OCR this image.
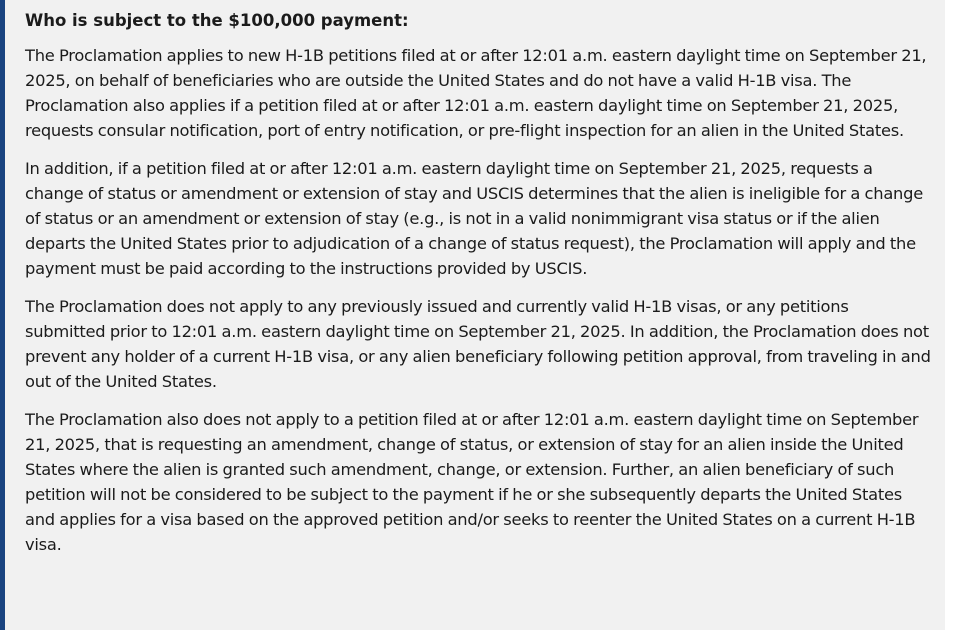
Who is subject to the $100,000 payment:

The Proclamation applies to new H-1B petitions filed at or after 12:01 a.m. eastern daylight time on September 21, 2025, on behalf of beneficiaries who are outside the United States and do not have a valid H-1B visa. The Proclamation also applies if a petition filed at or after 12:01 a.m. eastern daylight time on September 21, 2025, requests consular notification, port of entry notification, or pre-flight inspection for an alien in the United States.

In addition, if a petition filed at or after 12:01 a.m. eastern daylight time on September 21, 2025, requests a change of status or amendment or extension of stay and USCIS determines that the alien is ineligible for a change of status or an amendment or extension of stay (e.g., is not in a valid nonimmigrant visa status or if the alien departs the United States prior to adjudication of a change of status request), the Proclamation will apply and the payment must be paid according to the instructions provided by USCIS.

The Proclamation does not apply to any previously issued and currently valid H-1B visas, or any petitions submitted prior to 12:01 a.m. eastern daylight time on September 21, 2025. In addition, the Proclamation does not prevent any holder of a current H-1B visa, or any alien beneficiary following petition approval, from traveling in and out of the United States.

The Proclamation also does not apply to a petition filed at or after 12:01 a.m. eastern daylight time on September 21, 2025, that is requesting an amendment, change of status, or extension of stay for an alien inside the United States where the alien is granted such amendment, change, or extension. Further, an alien beneficiary of such petition will not be considered to be subject to the payment if he or she subsequently departs the United States and applies for a visa based on the approved petition and/or seeks to reenter the United States on a current H-1B visa.
